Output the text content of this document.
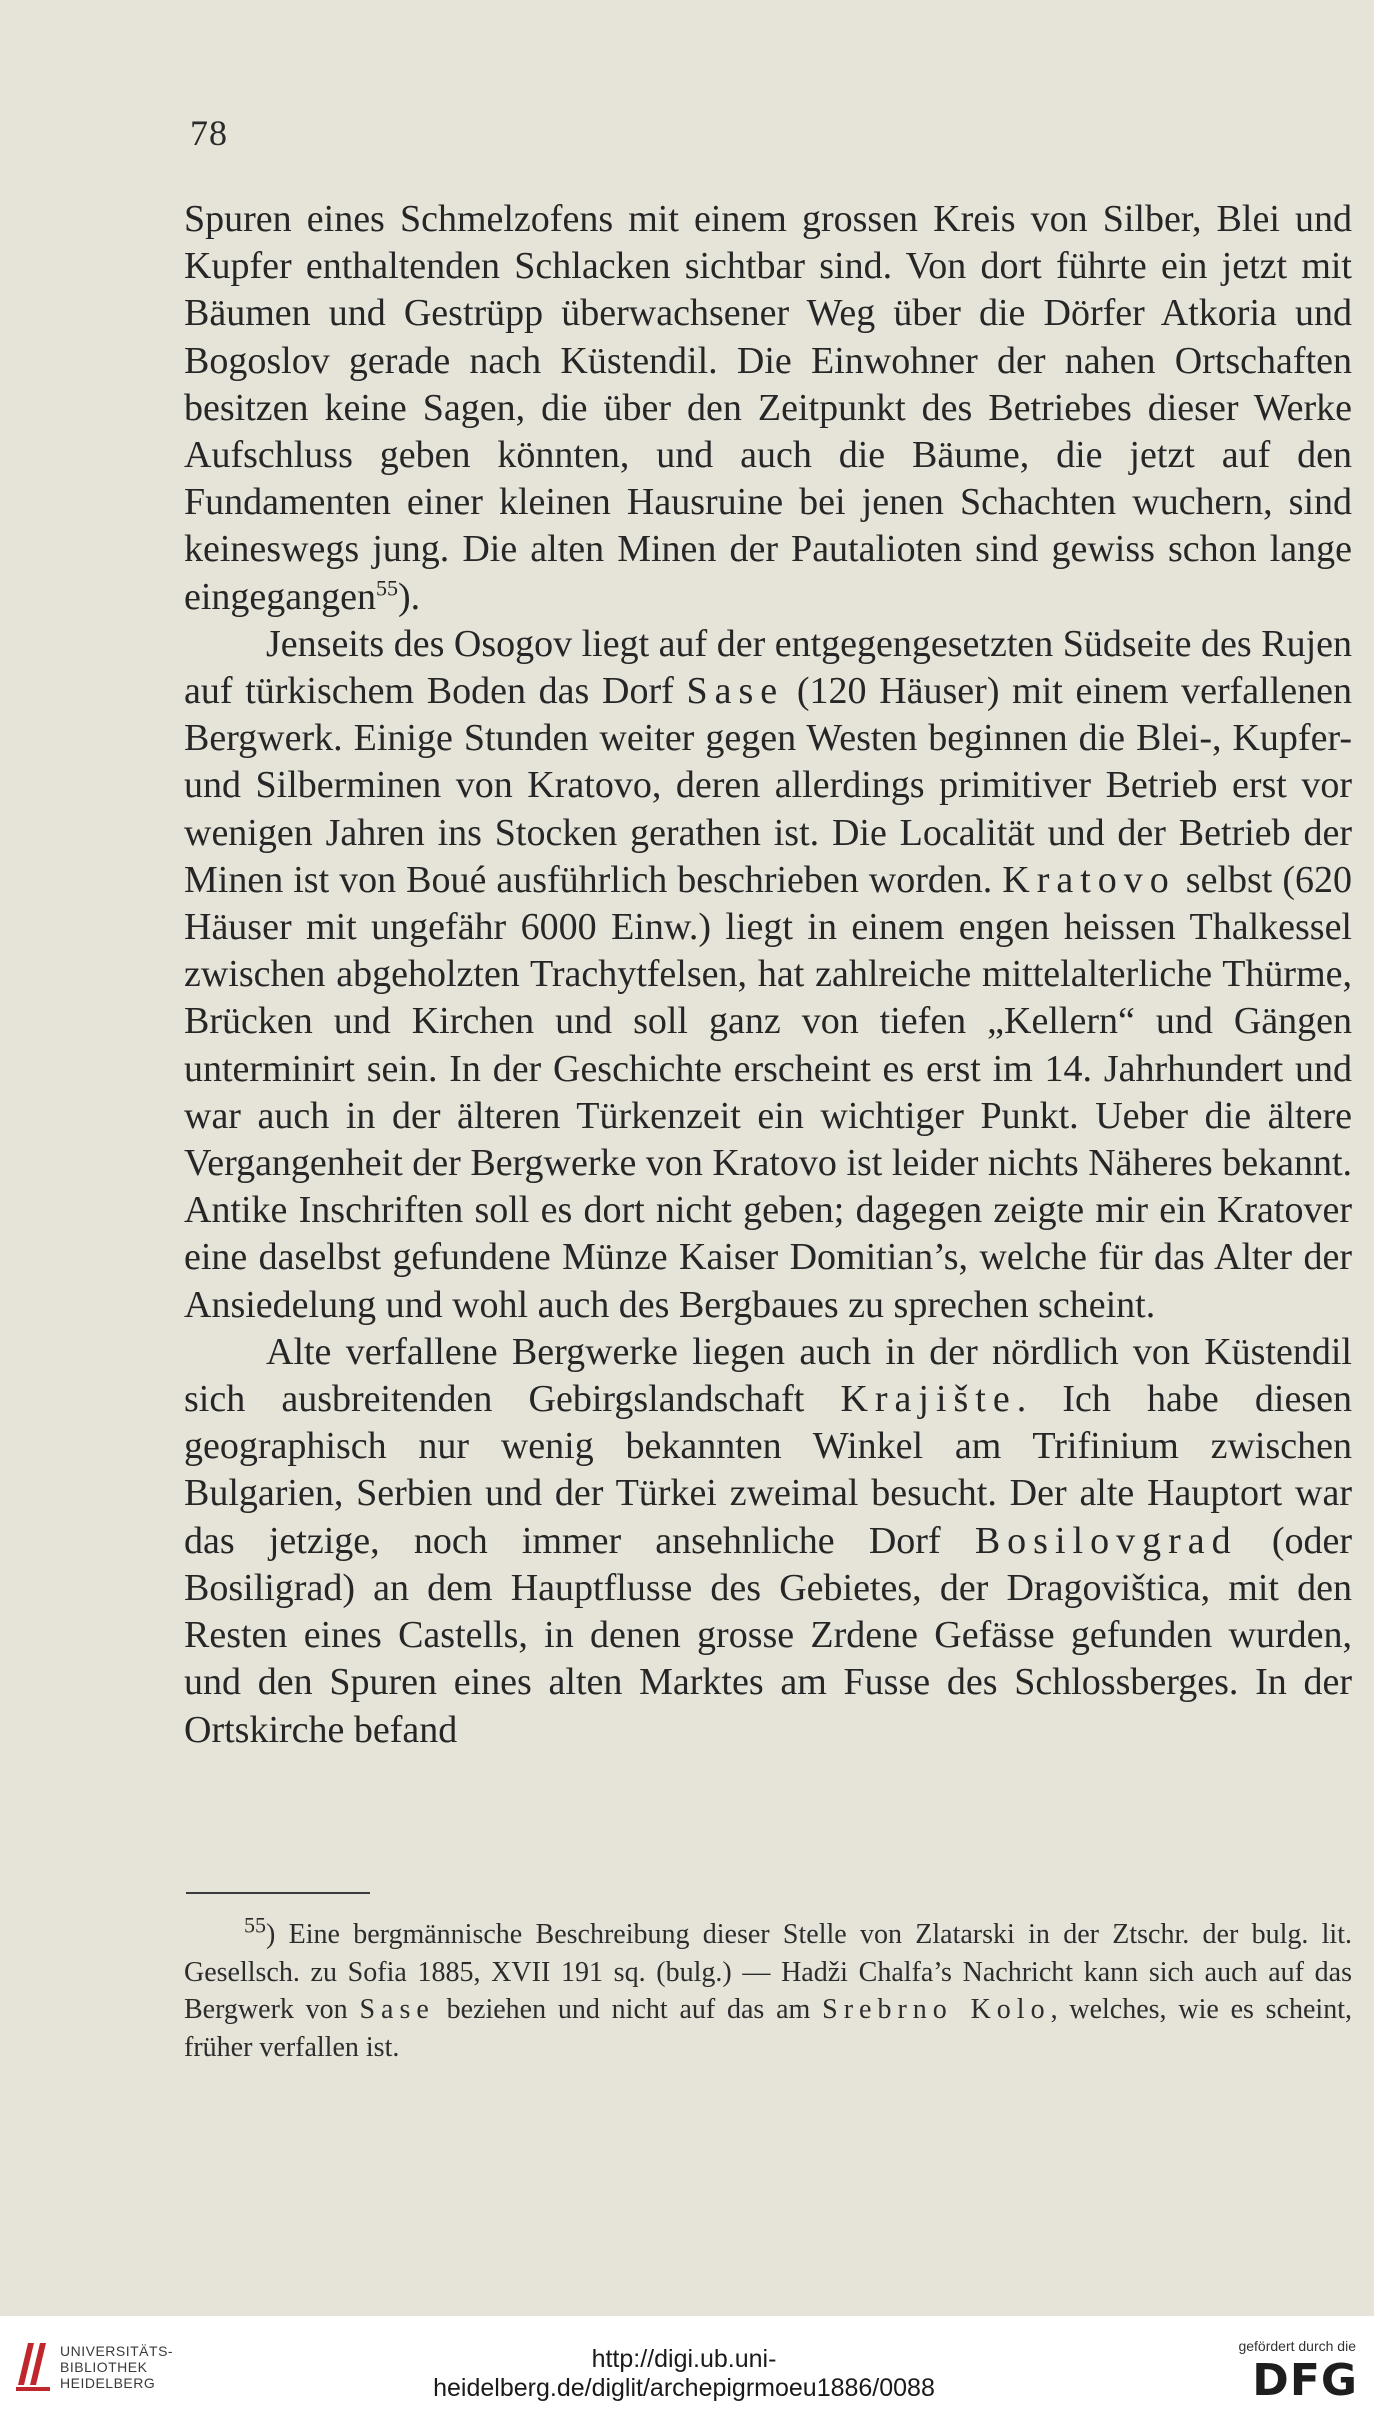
78

Spuren eines Schmelzofens mit einem grossen Kreis von Silber, Blei und Kupfer enthaltenden Schlacken sichtbar sind. Von dort führte ein jetzt mit Bäumen und Gestrüpp überwachsener Weg über die Dörfer Atkoria und Bogoslov gerade nach Küstendil. Die Einwohner der nahen Ortschaften besitzen keine Sagen, die über den Zeitpunkt des Betriebes dieser Werke Aufschluss geben könnten, und auch die Bäume, die jetzt auf den Fundamenten einer kleinen Hausruine bei jenen Schachten wuchern, sind keineswegs jung. Die alten Minen der Pautalioten sind gewiss schon lange eingegangen$^{55}$).

Jenseits des Osogov liegt auf der entgegengesetzten Südseite des Rujen auf türkischem Boden das Dorf Sase (120 Häuser) mit einem verfallenen Bergwerk. Einige Stunden weiter gegen Westen beginnen die Blei-, Kupfer- und Silberminen von Kratovo, deren allerdings primitiver Betrieb erst vor wenigen Jahren ins Stocken gerathen ist. Die Localität und der Betrieb der Minen ist von Boué ausführlich beschrieben worden. Kratovo selbst (620 Häuser mit ungefähr 6000 Einw.) liegt in einem engen heissen Thalkessel zwischen abgeholzten Trachytfelsen, hat zahlreiche mittelalterliche Thürme, Brücken und Kirchen und soll ganz von tiefen „Kellern“ und Gängen unterminirt sein. In der Geschichte erscheint es erst im 14. Jahrhundert und war auch in der älteren Türkenzeit ein wichtiger Punkt. Ueber die ältere Vergangenheit der Bergwerke von Kratovo ist leider nichts Näheres bekannt. Antike Inschriften soll es dort nicht geben; dagegen zeigte mir ein Kratover eine daselbst gefundene Münze Kaiser Domitian’s, welche für das Alter der Ansiedelung und wohl auch des Bergbaues zu sprechen scheint.

Alte verfallene Bergwerke liegen auch in der nördlich von Küstendil sich ausbreitenden Gebirgslandschaft Krajište. Ich habe diesen geographisch nur wenig bekannten Winkel am Trifinium zwischen Bulgarien, Serbien und der Türkei zweimal besucht. Der alte Hauptort war das jetzige, noch immer ansehnliche Dorf Bosilovgrad (oder Bosiligrad) an dem Hauptflusse des Gebietes, der Dragovištica, mit den Resten eines Castells, in denen grosse Zrdene Gefässe gefunden wurden, und den Spuren eines alten Marktes am Fusse des Schlossberges. In der Ortskirche befand

$^{55}$) Eine bergmännische Beschreibung dieser Stelle von Zlatarski in der Ztschr. der bulg. lit. Gesellsch. zu Sofia 1885, XVII 191 sq. (bulg.) — Hadži Chalfa’s Nachricht kann sich auch auf das Bergwerk von Sase beziehen und nicht auf das am Srebrno Kolo, welches, wie es scheint, früher verfallen ist.

UNIVERSITÄTS-
BIBLIOTHEK
HEIDELBERG
http://digi.ub.uni-heidelberg.de/diglit/archepigrmoeu1886/0088
gefördert durch die
DFG
